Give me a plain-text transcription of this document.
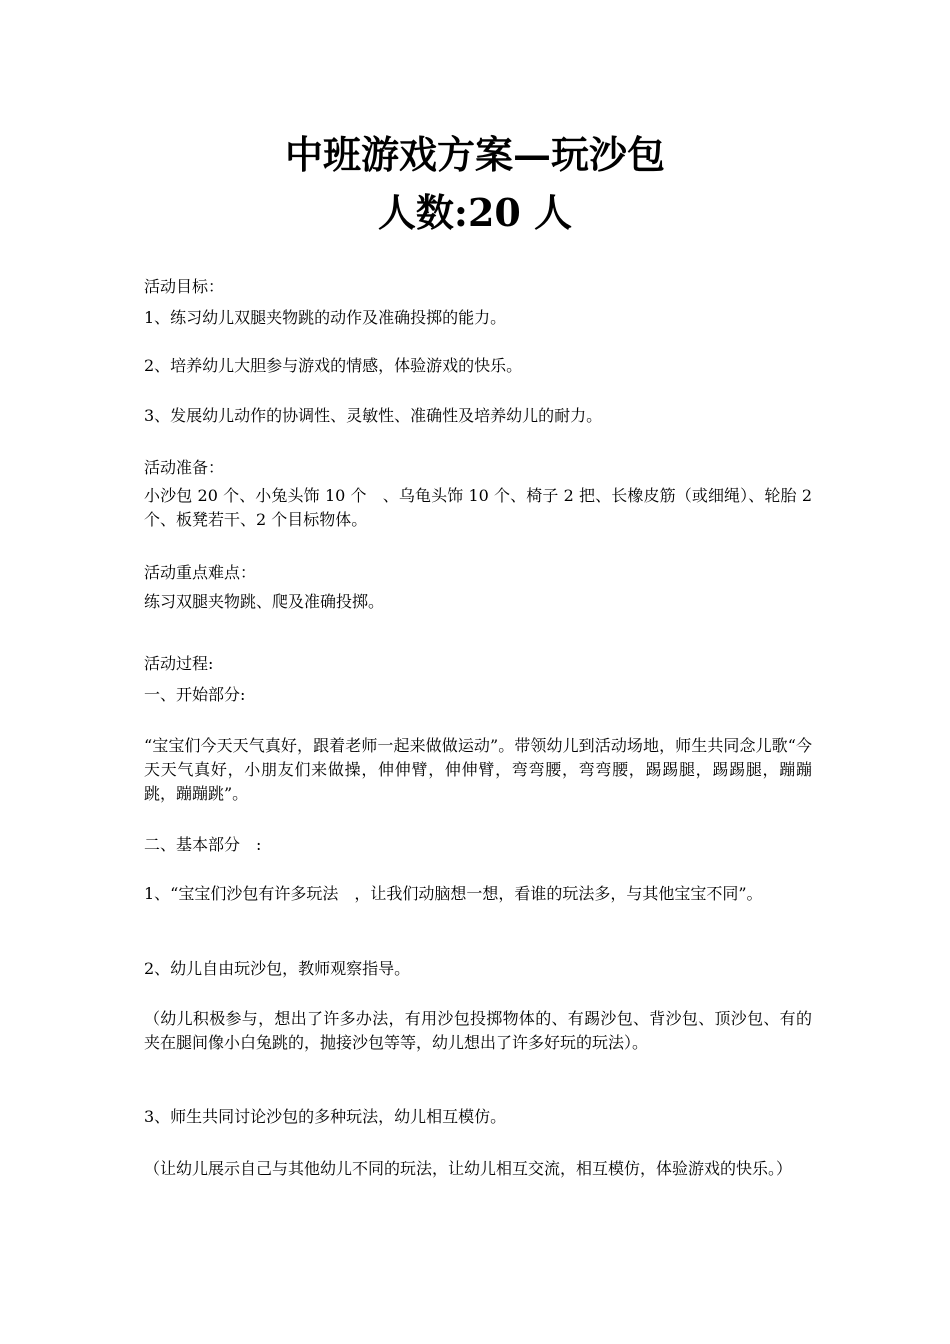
中班游戏方案—玩沙包
人数:20 人
活动目标：
1、练习幼儿双腿夹物跳的动作及准确投掷的能力。
2、培养幼儿大胆参与游戏的情感，体验游戏的快乐。
3、发展幼儿动作的协调性、灵敏性、准确性及培养幼儿的耐力。
活动准备：
小沙包 20 个、小兔头饰 10 个　、乌龟头饰 10 个、椅子 2 把、长橡皮筋（或细绳）、轮胎 2 个、板凳若干、2 个目标物体。
活动重点难点：
练习双腿夹物跳、爬及准确投掷。
活动过程:
一、开始部分:
“宝宝们今天天气真好，跟着老师一起来做做运动”。带领幼儿到活动场地，师生共同念儿歌“今天天气真好，小朋友们来做操，伸伸臂，伸伸臂，弯弯腰，弯弯腰，踢踢腿，踢踢腿，蹦蹦跳，蹦蹦跳”。
二、基本部分　:
1、“宝宝们沙包有许多玩法　，让我们动脑想一想，看谁的玩法多，与其他宝宝不同”。
2、幼儿自由玩沙包，教师观察指导。
（幼儿积极参与，想出了许多办法，有用沙包投掷物体的、有踢沙包、背沙包、顶沙包、有的夹在腿间像小白兔跳的，抛接沙包等等，幼儿想出了许多好玩的玩法）。
3、师生共同讨论沙包的多种玩法，幼儿相互模仿。
（让幼儿展示自己与其他幼儿不同的玩法，让幼儿相互交流，相互模仿，体验游戏的快乐。）
